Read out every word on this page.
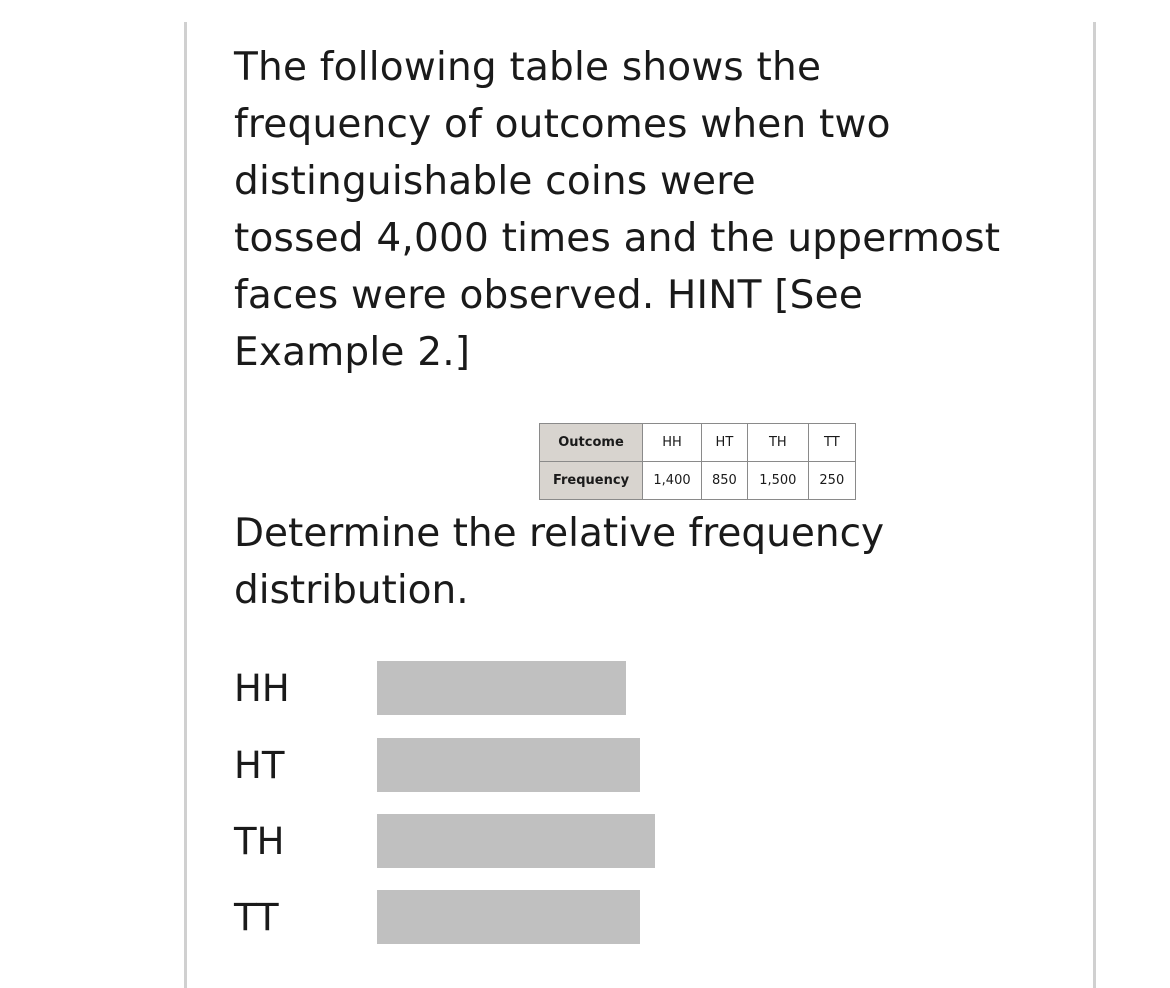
The following table shows the
frequency of outcomes when two
distinguishable coins were
tossed 4,000 times and the uppermost
faces were observed. HINT [See
Example 2.]

Outcome	HH	HT	TH	TT
Frequency	1,400	850	1,500	250

Determine the relative frequency
distribution.

HH
HT
TH
TT
